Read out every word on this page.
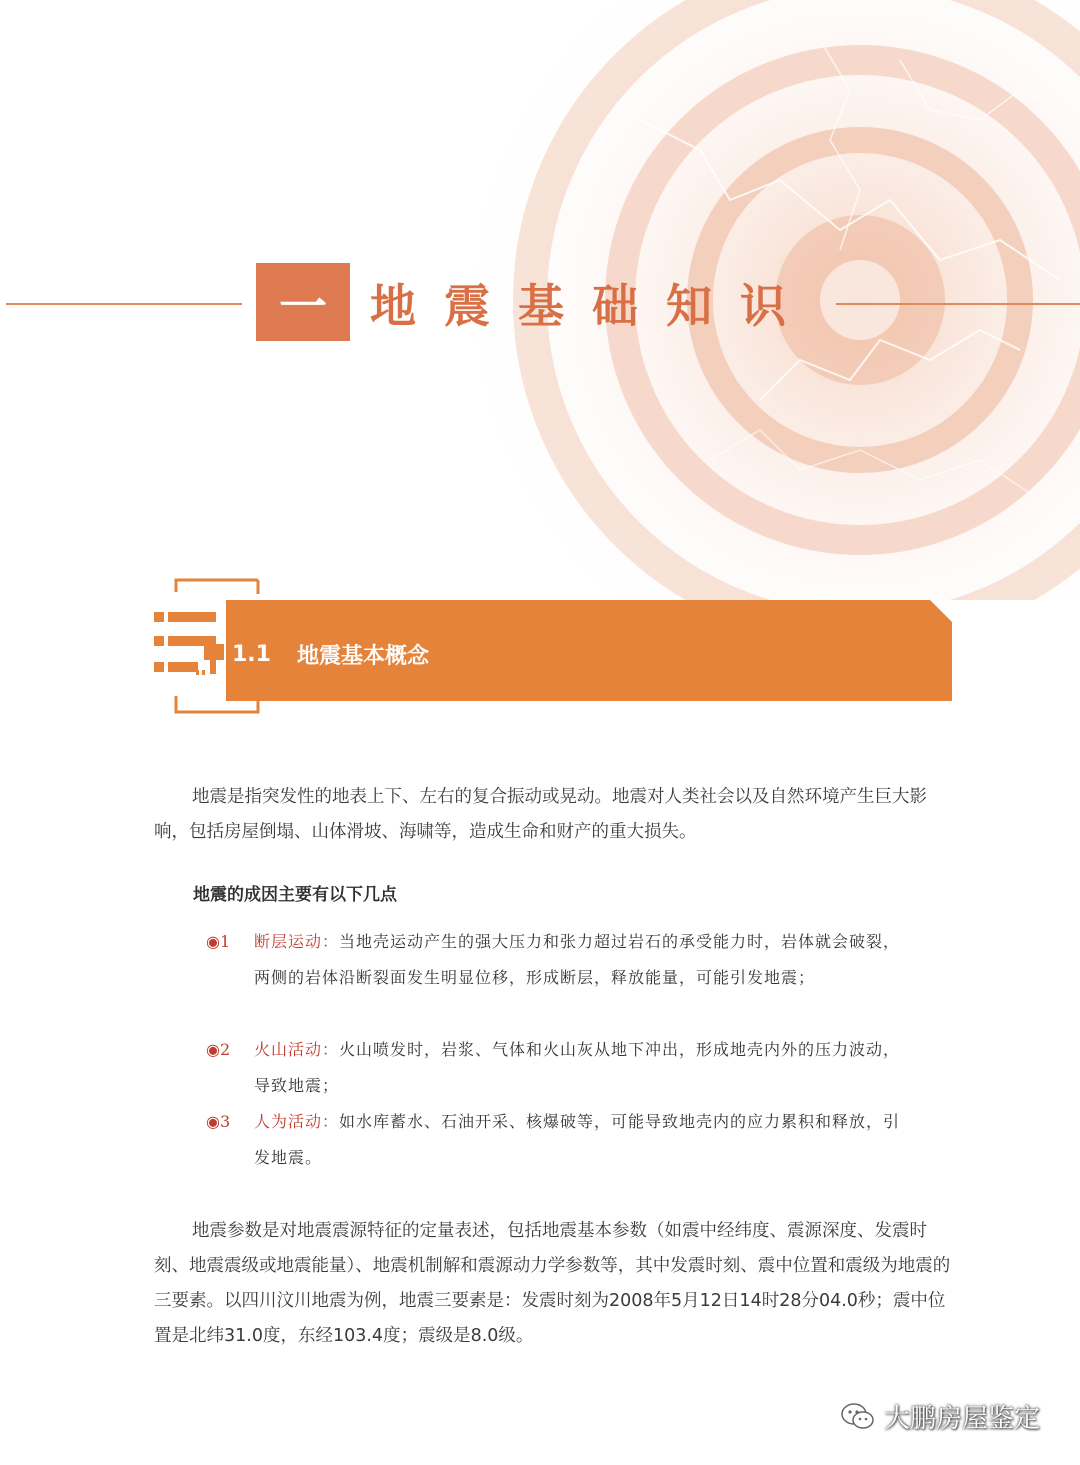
一 地震基础知识
1.1 地震基本概念

地震是指突发性的地表上下、左右的复合振动或晃动。地震对人类社会以及自然环境产生巨大影响，包括房屋倒塌、山体滑坡、海啸等，造成生命和财产的重大损失。

地震的成因主要有以下几点
◉1 断层运动：当地壳运动产生的强大压力和张力超过岩石的承受能力时，岩体就会破裂，两侧的岩体沿断裂面发生明显位移，形成断层，释放能量，可能引发地震；
◉2 火山活动：火山喷发时，岩浆、气体和火山灰从地下冲出，形成地壳内外的压力波动，导致地震；
◉3 人为活动：如水库蓄水、石油开采、核爆破等，可能导致地壳内的应力累积和释放，引发地震。

地震参数是对地震震源特征的定量表述，包括地震基本参数（如震中经纬度、震源深度、发震时刻、地震震级或地震能量）、地震机制解和震源动力学参数等，其中发震时刻、震中位置和震级为地震的三要素。以四川汶川地震为例，地震三要素是：发震时刻为2008年5月12日14时28分04.0秒；震中位置是北纬31.0度，东经103.4度；震级是8.0级。

大鹏房屋鉴定
